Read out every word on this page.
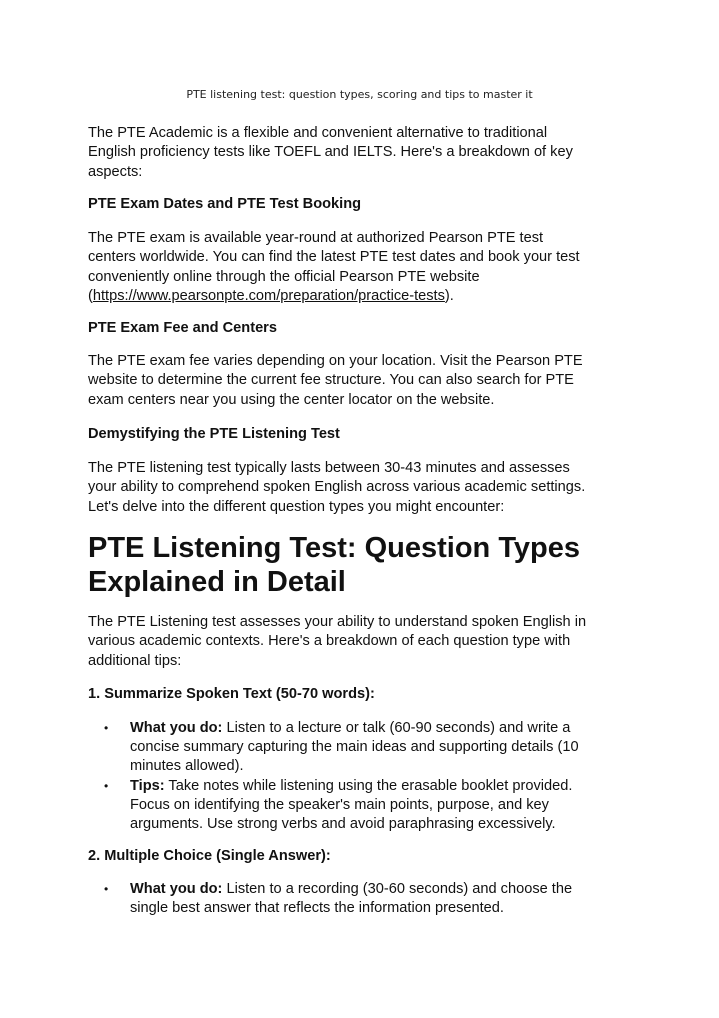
PTE listening test: question types, scoring and tips to master it

The PTE Academic is a flexible and convenient alternative to traditional
English proficiency tests like TOEFL and IELTS. Here's a breakdown of key
aspects:

PTE Exam Dates and PTE Test Booking

The PTE exam is available year-round at authorized Pearson PTE test
centers worldwide. You can find the latest PTE test dates and book your test
conveniently online through the official Pearson PTE website
(https://www.pearsonpte.com/preparation/practice-tests).

PTE Exam Fee and Centers

The PTE exam fee varies depending on your location. Visit the Pearson PTE
website to determine the current fee structure. You can also search for PTE
exam centers near you using the center locator on the website.

Demystifying the PTE Listening Test

The PTE listening test typically lasts between 30-43 minutes and assesses
your ability to comprehend spoken English across various academic settings.
Let's delve into the different question types you might encounter:

PTE Listening Test: Question Types
Explained in Detail

The PTE Listening test assesses your ability to understand spoken English in
various academic contexts. Here's a breakdown of each question type with
additional tips:

1. Summarize Spoken Text (50-70 words):

• What you do: Listen to a lecture or talk (60-90 seconds) and write a
concise summary capturing the main ideas and supporting details (10
minutes allowed).
• Tips: Take notes while listening using the erasable booklet provided.
Focus on identifying the speaker's main points, purpose, and key
arguments. Use strong verbs and avoid paraphrasing excessively.

2. Multiple Choice (Single Answer):

• What you do: Listen to a recording (30-60 seconds) and choose the
single best answer that reflects the information presented.
